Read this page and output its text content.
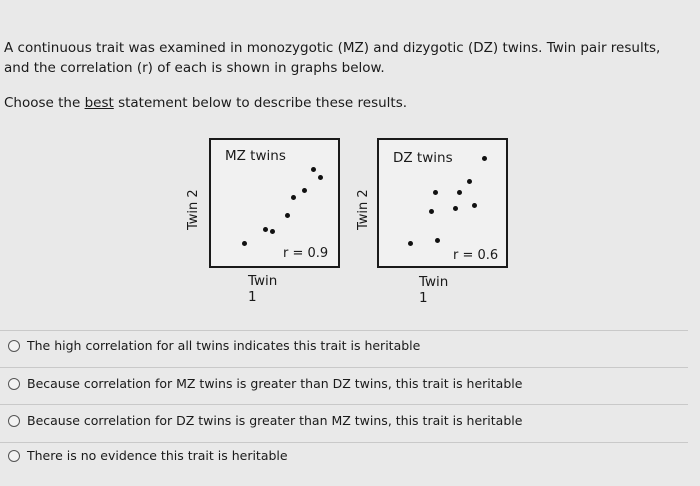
A continuous trait was examined in monozygotic (MZ) and dizygotic (DZ) twins. Twin pair results,
and the correlation (r) of each is shown in graphs below.
Choose the best statement below to describe these results.
Twin 2
MZ twins
r = 0.9
Twin 1
Twin 2
DZ twins
r = 0.6
Twin 1
The high correlation for all twins indicates this trait is heritable
Because correlation for MZ twins is greater than DZ twins, this trait is heritable
Because correlation for DZ twins is greater than MZ twins, this trait is heritable
There is no evidence this trait is heritable
